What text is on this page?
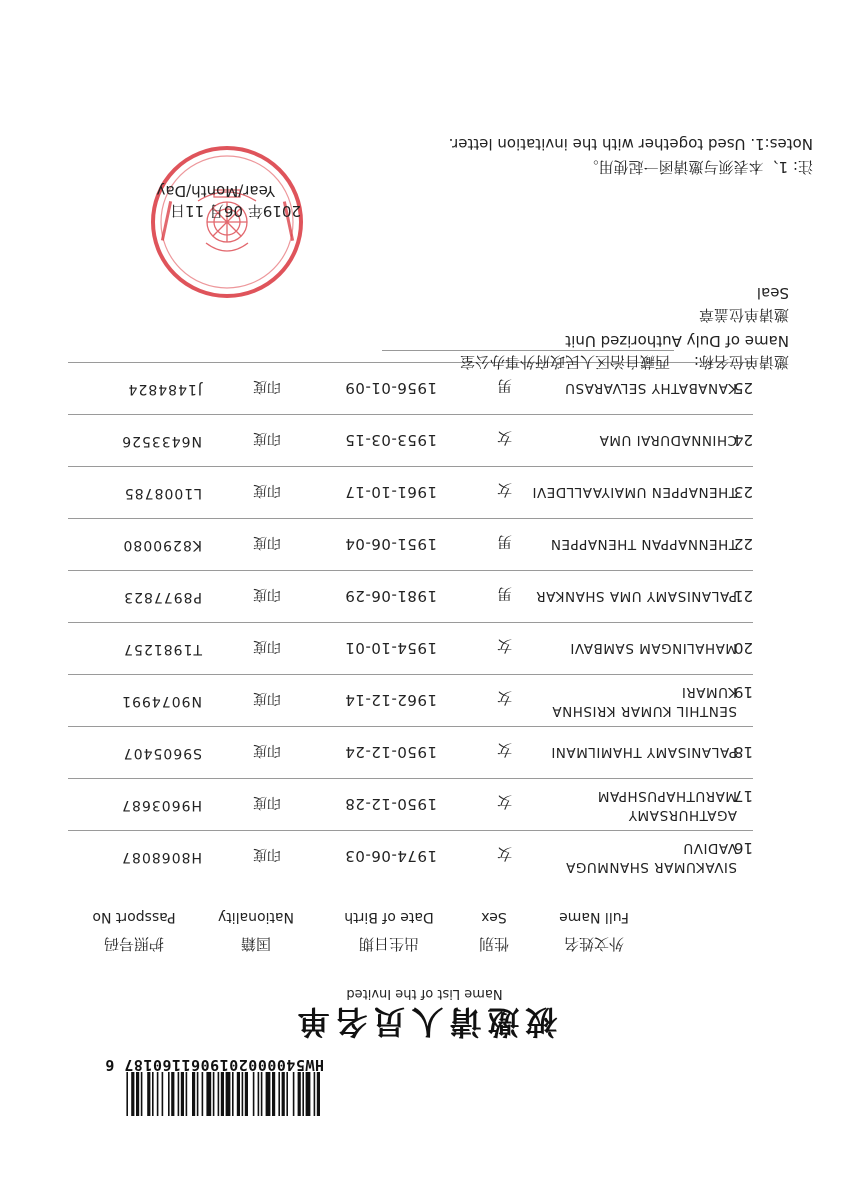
HW5400002019061160187 6
被邀请人员名单
Name List of the Invited
外文姓名
Full Name
性别
Sex
出生日期
Date of Birth
国籍
Nationality
护照号码
Passport No
16
SIVAKUMAR SHANMUGA
VADIVU
女
1974-06-03
印度
H8068087
17
AGATHURSAMY
MARUTHAPUSHPAM
女
1950-12-28
印度
H9603687
18
PALANISAMY THAMILMANI
女
1950-12-24
印度
S9605407
19
SENTHIL KUMAR KRISHNA
KUMARI
女
1962-12-14
印度
N9074991
20
MAHALINGAM SAMBAVI
女
1954-10-01
印度
T1981257
21
PALANISAMY UMA SHANKAR
男
1981-06-29
印度
P8977823
22
THENNAPPAN THENAPPEN
男
1951-06-04
印度
K8290080
23
THENAPPEN UMAIYAALLDEVI
女
1961-10-17
印度
L1008785
24
CHINNADURAI UMA
女
1953-03-15
印度
N6433526
25
KANABATHY SELVARASU
男
1956-01-09
印度
J1484824
邀请单位名称:
西藏自治区人民政府外事办公室
Name of Duly Authorized Unit
邀请单位盖章
Seal
2019年 06月 11日
Year/Month/Day
注: 1、本表须与邀请函一起使用。
Notes:1. Used together with the invitation letter.
